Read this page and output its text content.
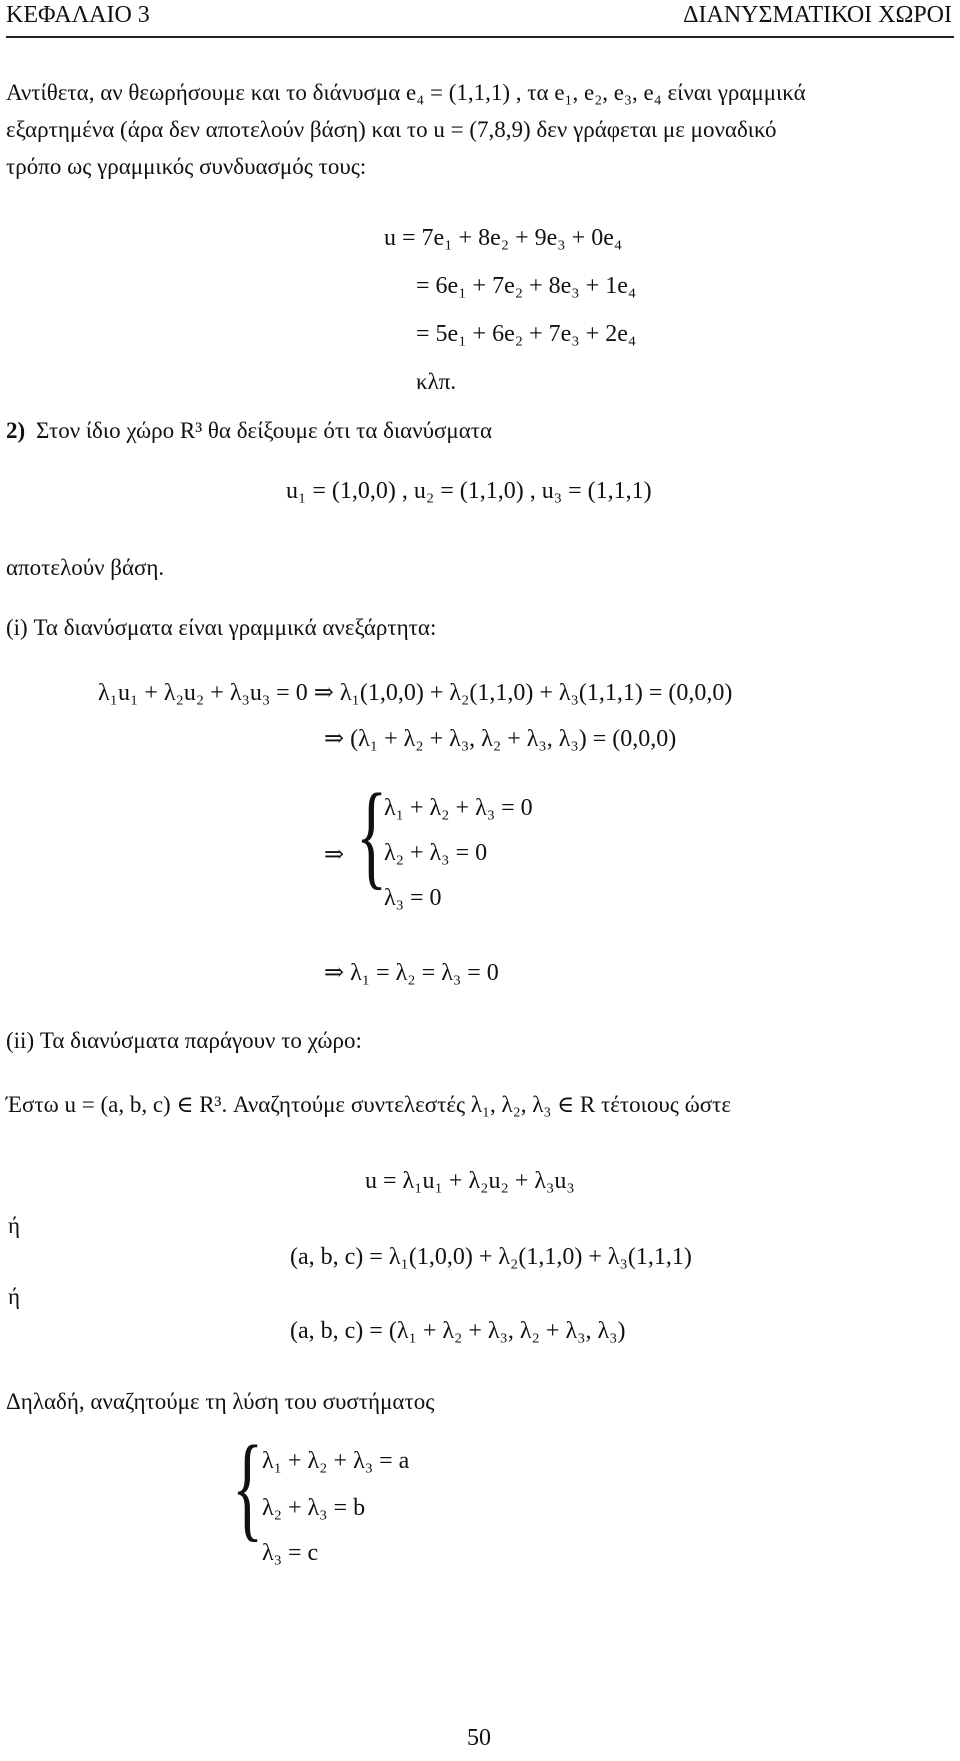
ΚΕΦΑΛΑΙΟ 3	ΔΙΑΝΥΣΜΑΤΙΚΟΙ ΧΩΡΟΙ
Αντίθετα, αν θεωρήσουμε και το διάνυσμα e₄ = (1,1,1) , τα e₁, e₂, e₃, e₄ είναι γραμμικά
εξαρτημένα (άρα δεν αποτελούν βάση) και το u = (7,8,9) δεν γράφεται με μοναδικό
τρόπο ως γραμμικός συνδυασμός τους:
u = 7e₁ + 8e₂ + 9e₃ + 0e₄
= 6e₁ + 7e₂ + 8e₃ + 1e₄
= 5e₁ + 6e₂ + 7e₃ + 2e₄
κλπ.
2) Στον ίδιο χώρο R³ θα δείξουμε ότι τα διανύσματα
u₁ = (1,0,0) , u₂ = (1,1,0) , u₃ = (1,1,1)
αποτελούν βάση.
(i) Τα διανύσματα είναι γραμμικά ανεξάρτητα:
λ₁u₁ + λ₂u₂ + λ₃u₃ = 0 ⇒ λ₁(1,0,0) + λ₂(1,1,0) + λ₃(1,1,1) = (0,0,0)
⇒ (λ₁ + λ₂ + λ₃, λ₂ + λ₃, λ₃) = (0,0,0)
⇒ {
λ₁ + λ₂ + λ₃ = 0
λ₂ + λ₃ = 0
λ₃ = 0
⇒ λ₁ = λ₂ = λ₃ = 0
(ii) Τα διανύσματα παράγουν το χώρο:
Έστω u = (a, b, c) ∈ R³. Αναζητούμε συντελεστές λ₁, λ₂, λ₃ ∈ R τέτοιους ώστε
u = λ₁u₁ + λ₂u₂ + λ₃u₃
ή
(a, b, c) = λ₁(1,0,0) + λ₂(1,1,0) + λ₃(1,1,1)
ή
(a, b, c) = (λ₁ + λ₂ + λ₃, λ₂ + λ₃, λ₃)
Δηλαδή, αναζητούμε τη λύση του συστήματος
{
λ₁ + λ₂ + λ₃ = a
λ₂ + λ₃ = b
λ₃ = c
50
